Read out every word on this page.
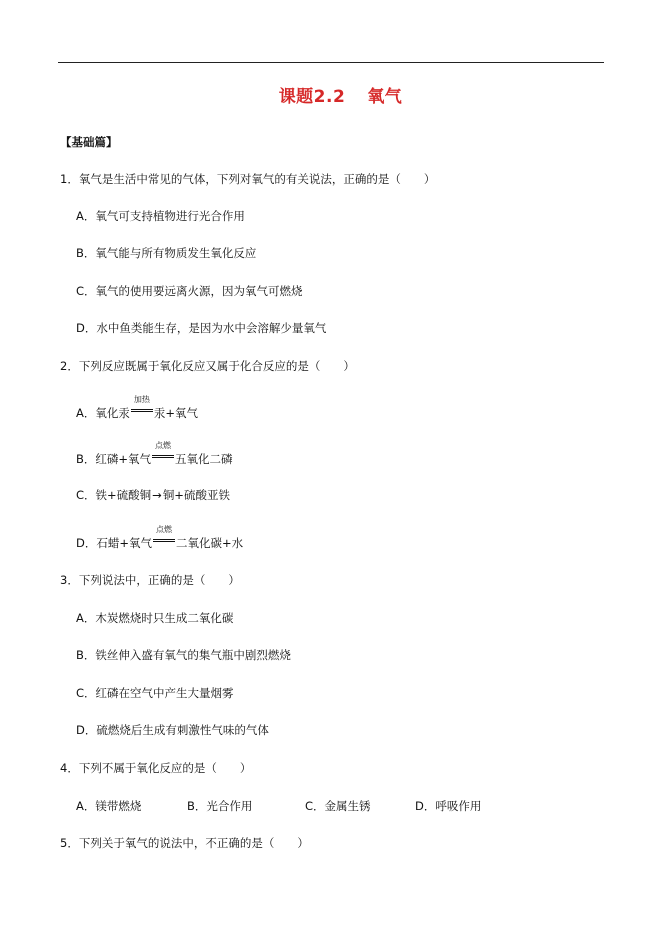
课题2.2 氧气
【基础篇】
1．氧气是生活中常见的气体，下列对氧气的有关说法，正确的是（　　）
A．氧气可支持植物进行光合作用
B．氧气能与所有物质发生氧化反应
C．氧气的使用要远离火源，因为氧气可燃烧
D．水中鱼类能生存，是因为水中会溶解少量氧气
2．下列反应既属于氧化反应又属于化合反应的是（　　）
A．氧化汞
加热
汞+氧气
B．红磷+氧气
点燃
五氧化二磷
C．铁+硫酸铜→铜+硫酸亚铁
D．石蜡+氧气
点燃
二氧化碳+水
3．下列说法中，正确的是（　　）
A．木炭燃烧时只生成二氧化碳
B．铁丝伸入盛有氧气的集气瓶中剧烈燃烧
C．红磷在空气中产生大量烟雾
D．硫燃烧后生成有刺激性气味的气体
4．下列不属于氧化反应的是（　　）
A．镁带燃烧	B．光合作用	C．金属生锈	D．呼吸作用
5．下列关于氧气的说法中，不正确的是（　　）
